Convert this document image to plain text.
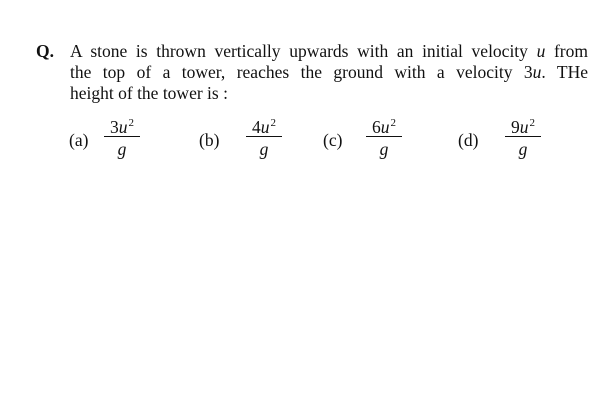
Q. A stone is thrown vertically upwards with an initial velocity u from
the top of a tower, reaches the ground with a velocity 3u. THe
height of the tower is :
(a)
$3u^2$
g	(b)
$4u^2$
g	(c)
$6u^2$
g	(d)
$9u^2$
g
